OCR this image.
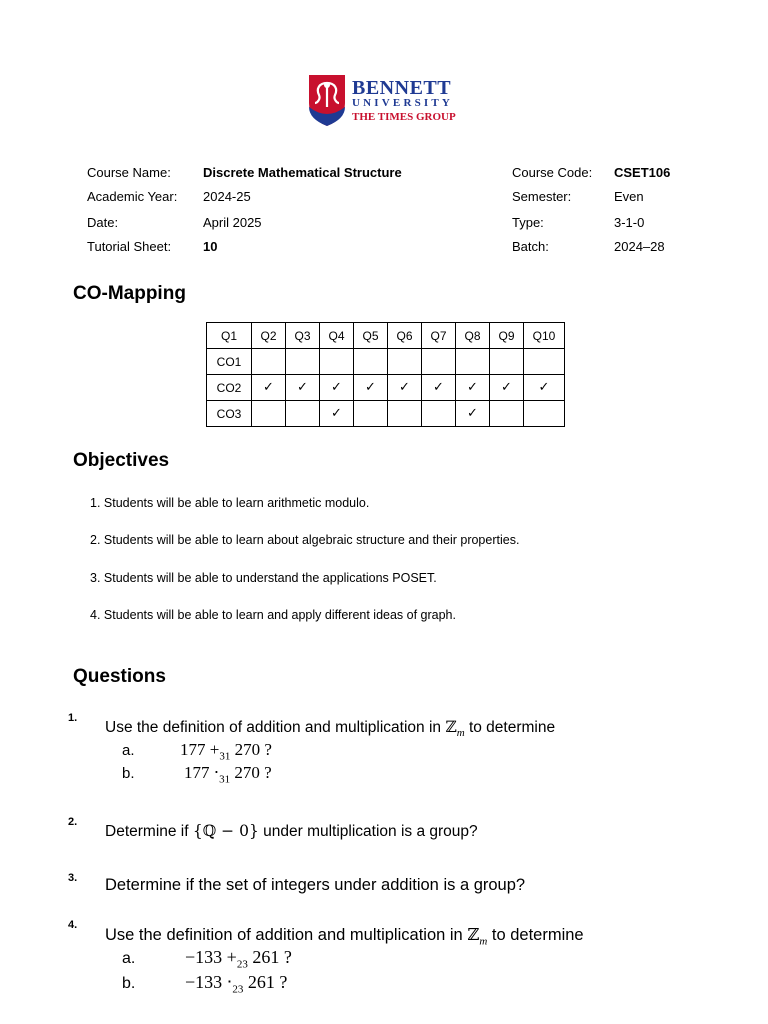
BENNETT
UNIVERSITY
THE TIMES GROUP
Course Name: Discrete Mathematical Structure	Course Code: CSET106
Academic Year: 2024-25	Semester:	Even
Date:	April 2025	Type:	3-1-0
Tutorial Sheet: 10	Batch:	2024–28
CO-Mapping
Q1	Q2	Q3	Q4	Q5	Q6	Q7	Q8	Q9	Q10
CO1									
CO2	✓	✓	✓	✓	✓	✓	✓	✓	✓
CO3			✓				✓		
Objectives
1. Students will be able to learn arithmetic modulo.
2. Students will be able to learn about algebraic structure and their properties.
3. Students will be able to understand the applications POSET.
4. Students will be able to learn and apply different ideas of graph.
Questions
1.
Use the definition of addition and multiplication in ℤ$_m$ to determine
a.	$177 +_{31}$ 270 ?
b.	$177 \cdot_{31}$ 270 ?
2.
Determine if {ℚ − 0} under multiplication is a group?
3. Determine if the set of integers under addition is a group?
4.
Use the definition of addition and multiplication in ℤ$_m$ to determine
a.	$-133 +_{23}$ 261 ?
b.	$-133 \cdot_{23}$ 261 ?
